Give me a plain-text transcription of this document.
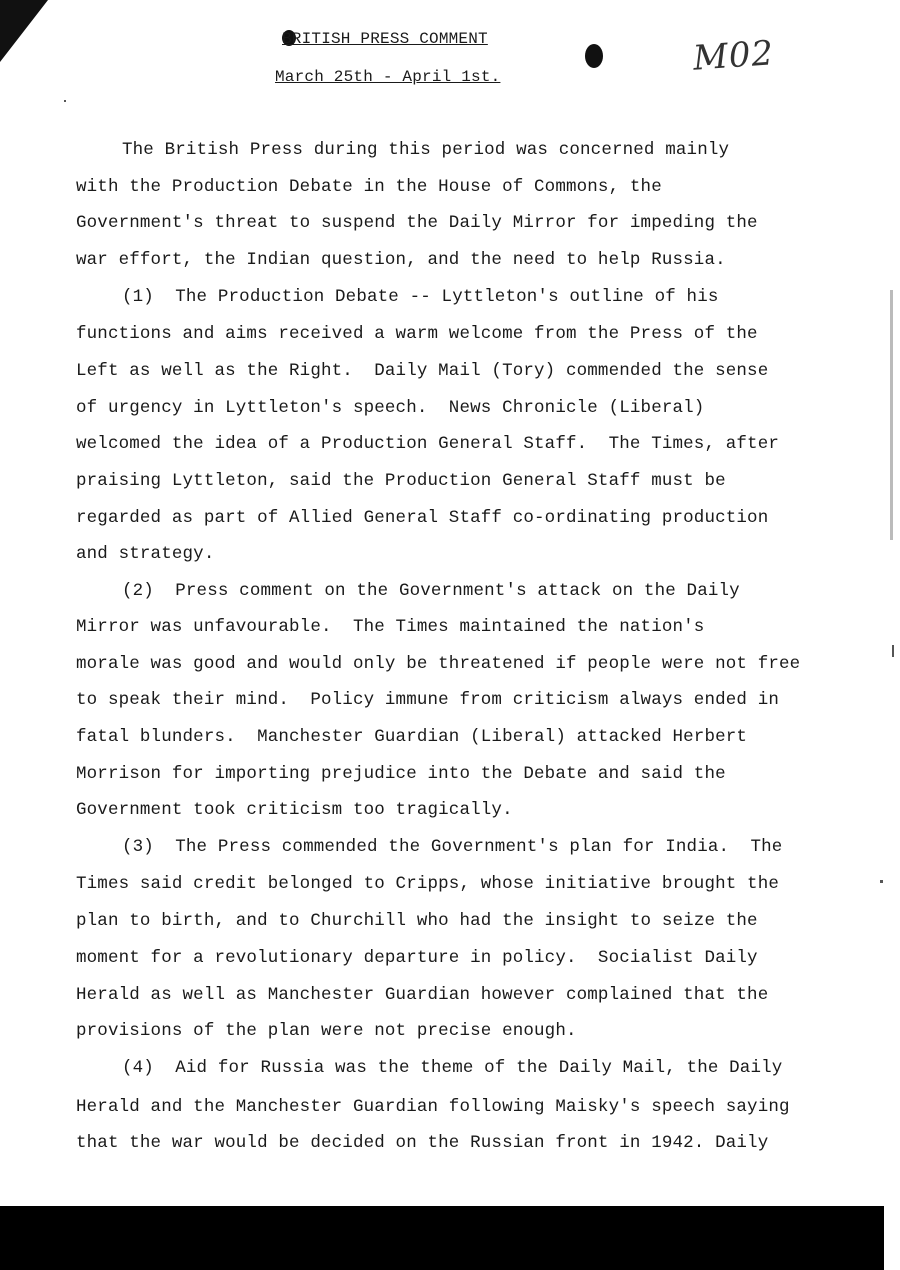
BRITISH PRESS COMMENT
March 25th - April 1st.	M02
The British Press during this period was concerned mainly
with the Production Debate in the House of Commons, the
Government's threat to suspend the Daily Mirror for impeding the
war effort, the Indian question, and the need to help Russia.
(1)  The Production Debate -- Lyttleton's outline of his
functions and aims received a warm welcome from the Press of the
Left as well as the Right.  Daily Mail (Tory) commended the sense
of urgency in Lyttleton's speech.  News Chronicle (Liberal)
welcomed the idea of a Production General Staff.  The Times, after
praising Lyttleton, said the Production General Staff must be
regarded as part of Allied General Staff co-ordinating production
and strategy.
(2)  Press comment on the Government's attack on the Daily
Mirror was unfavourable.  The Times maintained the nation's
morale was good and would only be threatened if people were not free
to speak their mind.  Policy immune from criticism always ended in
fatal blunders.  Manchester Guardian (Liberal) attacked Herbert
Morrison for importing prejudice into the Debate and said the
Government took criticism too tragically.
(3)  The Press commended the Government's plan for India.  The
Times said credit belonged to Cripps, whose initiative brought the
plan to birth, and to Churchill who had the insight to seize the
moment for a revolutionary departure in policy.  Socialist Daily
Herald as well as Manchester Guardian however complained that the
provisions of the plan were not precise enough.
(4)  Aid for Russia was the theme of the Daily Mail, the Daily
Herald and the Manchester Guardian following Maisky's speech saying
that the war would be decided on the Russian front in 1942. Daily
